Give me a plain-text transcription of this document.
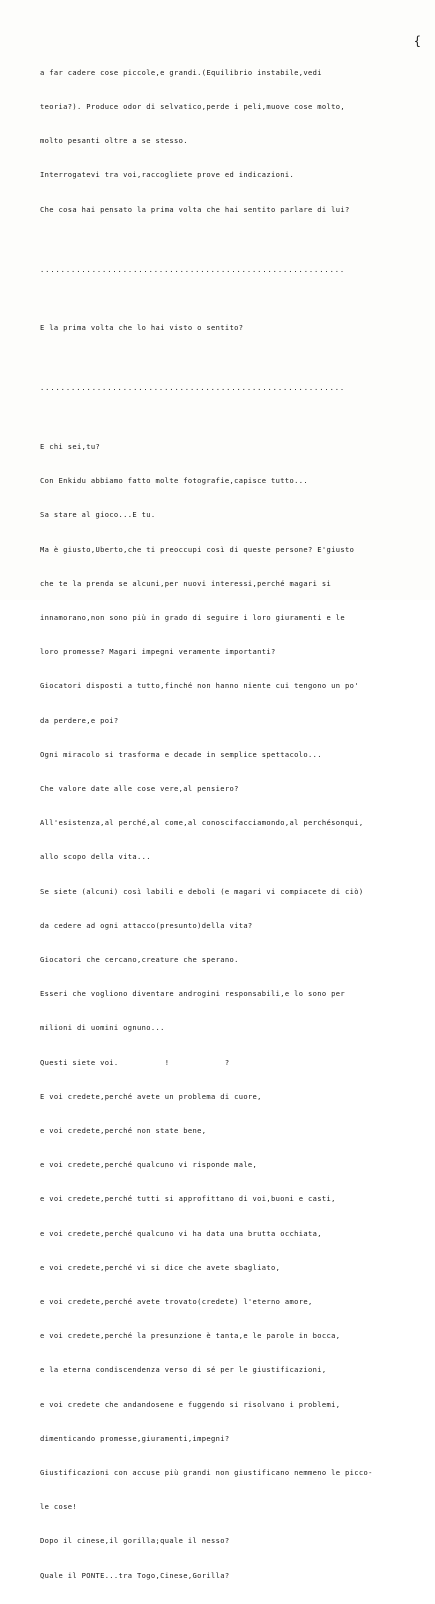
{

a far cadere cose piccole,e grandi.(Equilibrio instabile,vedi

teoria?). Produce odor di selvatico,perde i peli,muove cose molto,

molto pesanti oltre a se stesso.

Interrogatevi tra voi,raccogliete prove ed indicazioni.

Che cosa hai pensato la prima volta che hai sentito parlare di lui?

...........................................................

E la prima volta che lo hai visto o sentito?

...........................................................

E chi sei,tu?

Con Enkidu abbiamo fatto molte fotografie,capisce tutto...

Sa stare al gioco...E tu.

Ma è giusto,Uberto,che ti preoccupi così di queste persone? E'giusto

che te la prenda se alcuni,per nuovi interessi,perché magari si

innamorano,non sono più in grado di seguire i loro giuramenti e le

loro promesse? Magari impegni veramente importanti?

Giocatori disposti a tutto,finché non hanno niente cui tengono un po'

da perdere,e poi?

Ogni miracolo si trasforma e decade in semplice spettacolo...

Che valore date alle cose vere,al pensiero?

All'esistenza,al perché,al come,al conoscifacciamondo,al perchésonqui,

allo scopo della vita...

Se siete (alcuni) così labili e deboli (e magari vi compiacete di ciò)

da cedere ad ogni attacco(presunto)della vita?

Giocatori che cercano,creature che sperano.

Esseri che vogliono diventare androgini responsabili,e lo sono per

milioni di uomini ognuno...

Questi siete voi.          !            ?

E voi credete,perché avete un problema di cuore,

e voi credete,perché non state bene,

e voi credete,perché qualcuno vi risponde male,

e voi credete,perché tutti si approfittano di voi,buoni e casti,

e voi credete,perché qualcuno vi ha data una brutta occhiata,

e voi credete,perché vi si dice che avete sbagliato,

e voi credete,perché avete trovato(credete) l'eterno amore,

e voi credete,perché la presunzione è tanta,e le parole in bocca,

e la eterna condiscendenza verso di sé per le giustificazioni,

e voi credete che andandosene e fuggendo si risolvano i problemi,

dimenticando promesse,giuramenti,impegni?

Giustificazioni con accuse più grandi non giustificano nemmeno le picco-

le cose!

Dopo il cinese,il gorilla;quale il nesso?

Quale il PONTE...tra Togo,Cinese,Gorilla?
